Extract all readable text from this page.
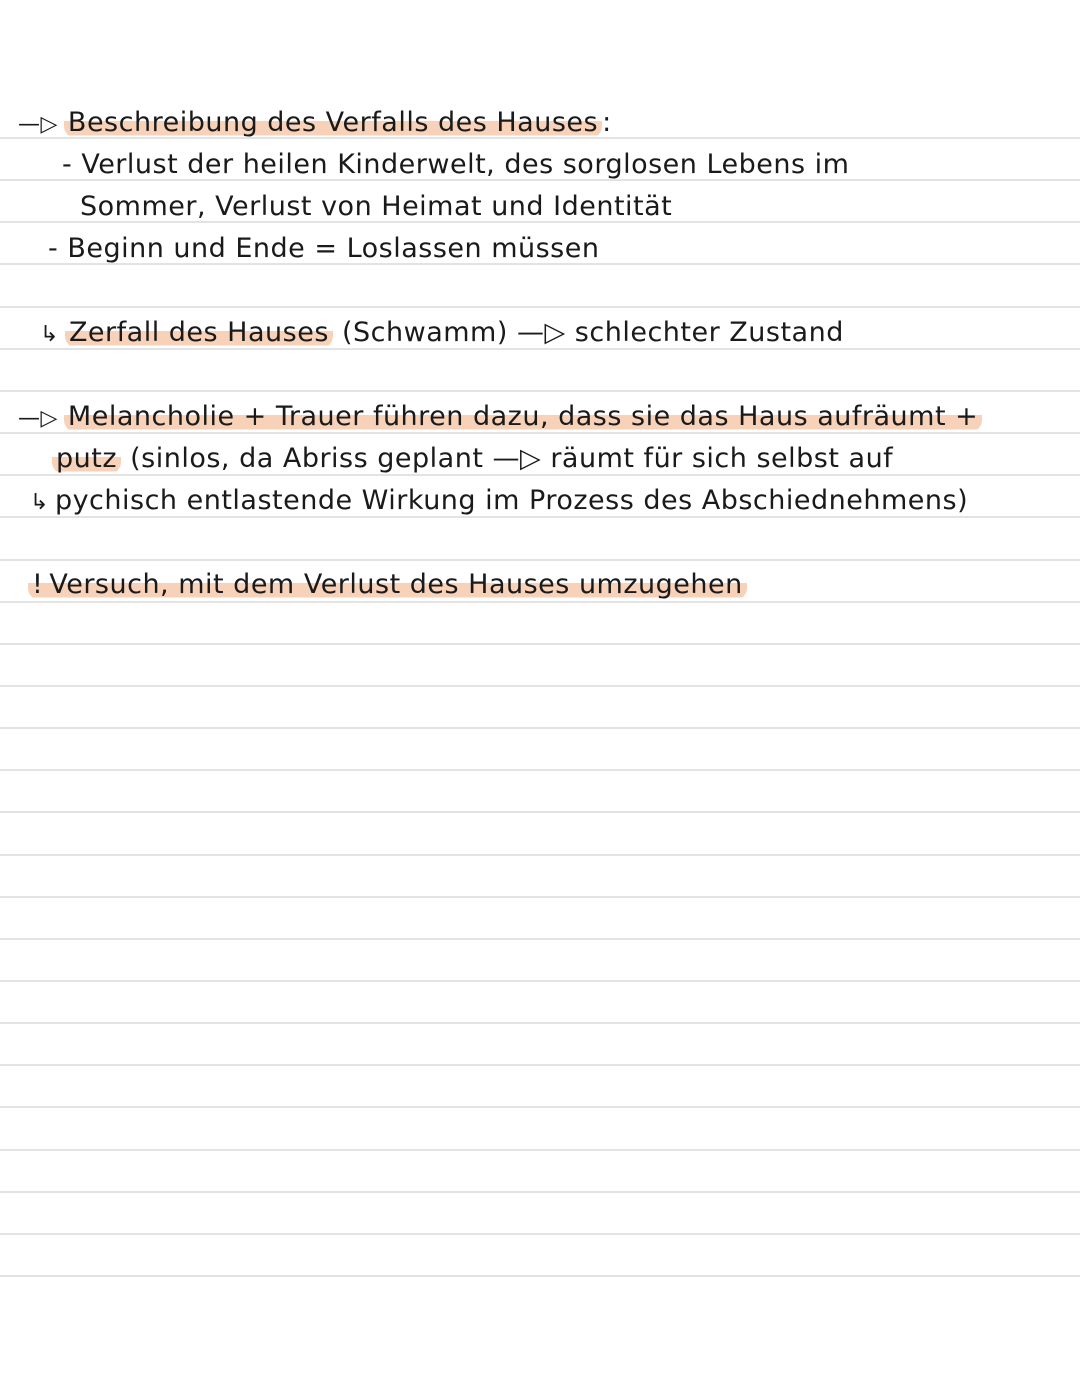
—▷ Beschreibung des Verfalls des Hauses :
- Verlust der heilen Kinderwelt, des sorglosen Lebens im
Sommer, Verlust von Heimat und Identität
- Beginn und Ende = Loslassen müssen
↳ Zerfall des Hauses (Schwamm) —▷ schlechter Zustand
—▷ Melancholie + Trauer führen dazu, dass sie das Haus aufräumt +
putz (sinlos, da Abriss geplant —▷ räumt für sich selbst auf
↳ pychisch entlastende Wirkung im Prozess des Abschiednehmens)
! Versuch, mit dem Verlust des Hauses umzugehen
